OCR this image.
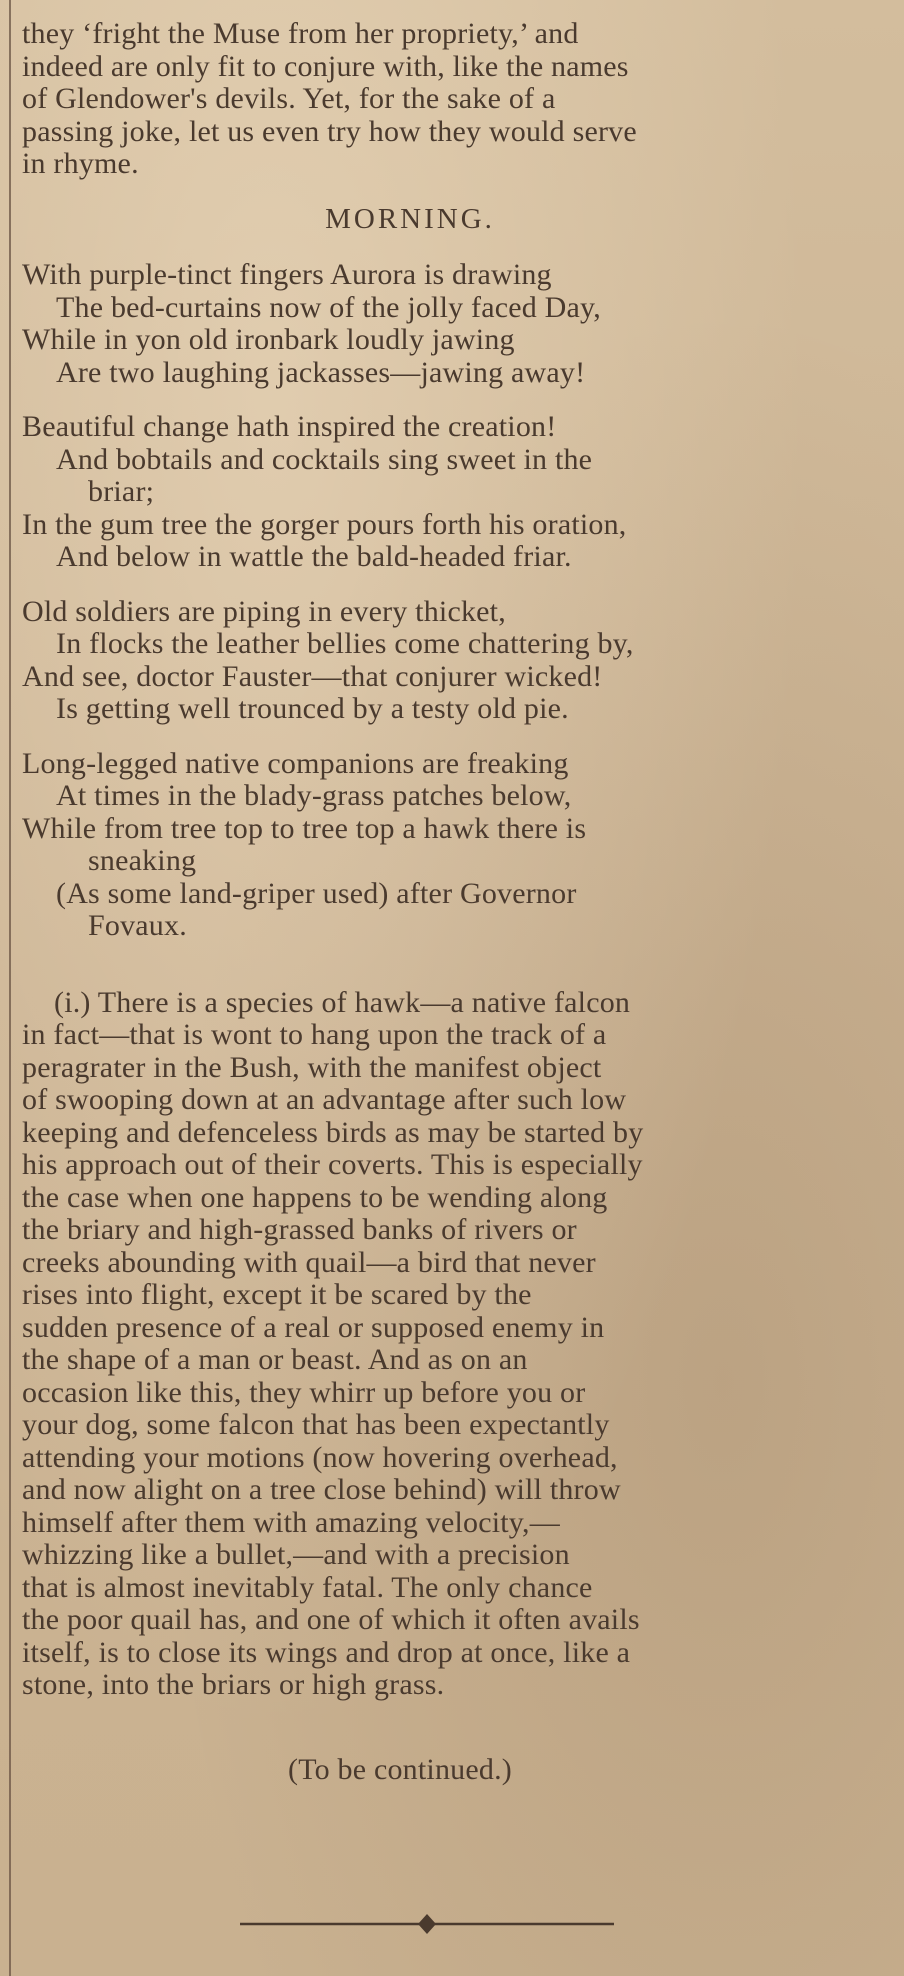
they ‘fright the Muse from her propriety,’ and
indeed are only fit to conjure with, like the names
of Glendower's devils. Yet, for the sake of a
passing joke, let us even try how they would serve
in rhyme.
MORNING.
With purple-tinct fingers Aurora is drawing
The bed-curtains now of the jolly faced Day,
While in yon old ironbark loudly jawing
Are two laughing jackasses—jawing away!
Beautiful change hath inspired the creation!
And bobtails and cocktails sing sweet in the
briar;
In the gum tree the gorger pours forth his oration,
And below in wattle the bald-headed friar.
Old soldiers are piping in every thicket,
In flocks the leather bellies come chattering by,
And see, doctor Fauster—that conjurer wicked!
Is getting well trounced by a testy old pie.
Long-legged native companions are freaking
At times in the blady-grass patches below,
While from tree top to tree top a hawk there is
sneaking
(As some land-griper used) after Governor
Fovaux.
(i.) There is a species of hawk—a native falcon
in fact—that is wont to hang upon the track of a
peragrater in the Bush, with the manifest object
of swooping down at an advantage after such low
keeping and defenceless birds as may be started by
his approach out of their coverts. This is especially
the case when one happens to be wending along
the briary and high-grassed banks of rivers or
creeks abounding with quail—a bird that never
rises into flight, except it be scared by the
sudden presence of a real or supposed enemy in
the shape of a man or beast. And as on an
occasion like this, they whirr up before you or
your dog, some falcon that has been expectantly
attending your motions (now hovering overhead,
and now alight on a tree close behind) will throw
himself after them with amazing velocity,—
whizzing like a bullet,—and with a precision
that is almost inevitably fatal. The only chance
the poor quail has, and one of which it often avails
itself, is to close its wings and drop at once, like a
stone, into the briars or high grass.
(To be continued.)
